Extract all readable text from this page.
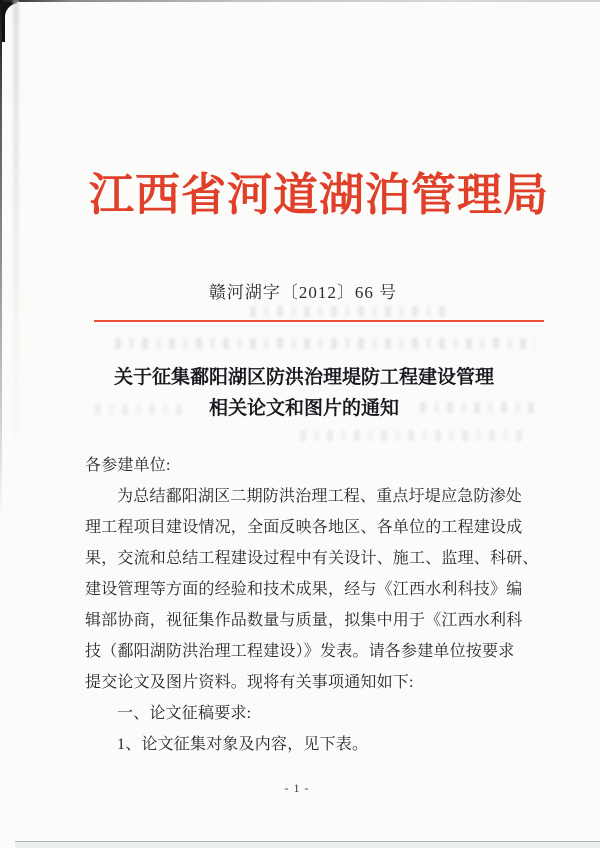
江西省河道湖泊管理局
赣河湖字〔2012〕66 号
关于征集鄱阳湖区防洪治理堤防工程建设管理
相关论文和图片的通知
各参建单位:
为总结鄱阳湖区二期防洪治理工程、重点圩堤应急防渗处
理工程项目建设情况，全面反映各地区、各单位的工程建设成
果，交流和总结工程建设过程中有关设计、施工、监理、科研、
建设管理等方面的经验和技术成果，经与《江西水利科技》编
辑部协商，视征集作品数量与质量，拟集中用于《江西水利科
技（鄱阳湖防洪治理工程建设）》发表。请各参建单位按要求
提交论文及图片资料。现将有关事项通知如下:
一、论文征稿要求:
1、论文征集对象及内容，见下表。
- 1 -
